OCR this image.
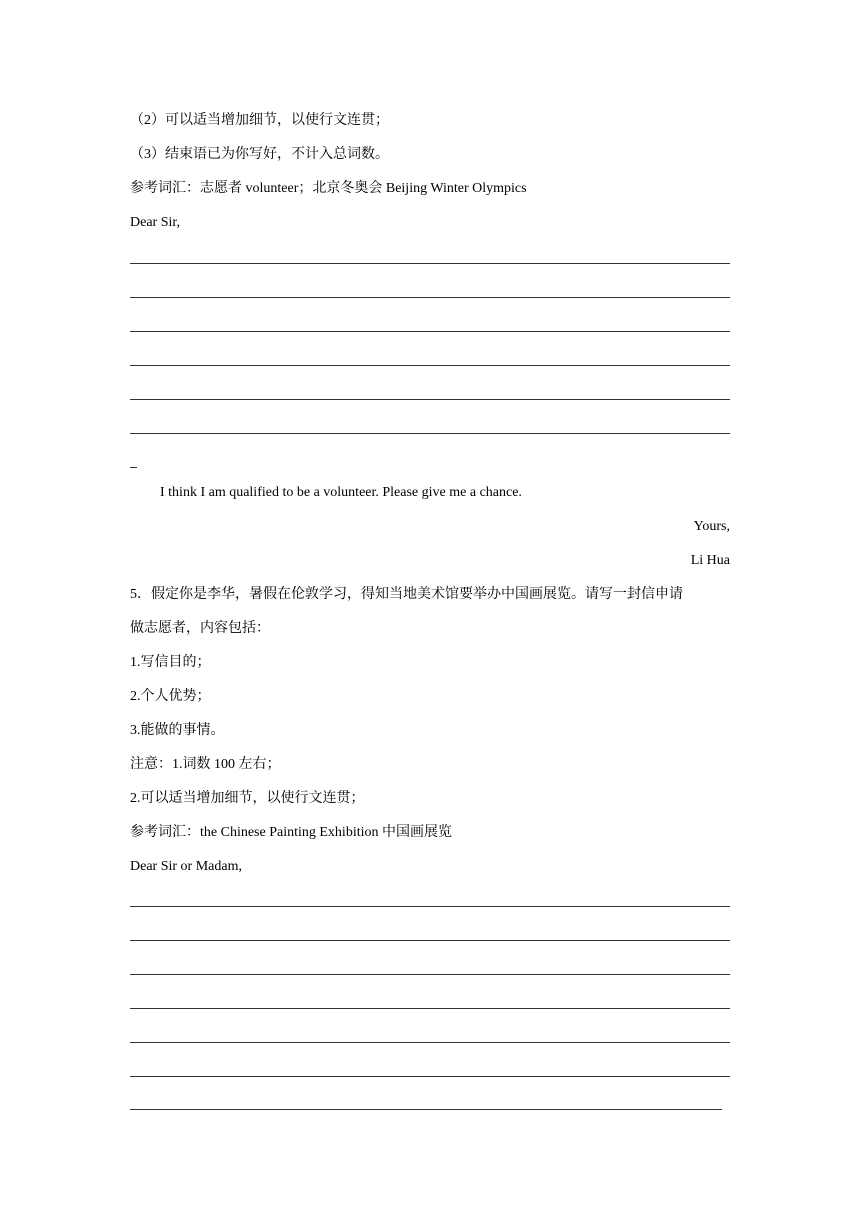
（2）可以适当增加细节，以使行文连贯；
（3）结束语已为你写好，不计入总词数。
参考词汇：志愿者 volunteer；北京冬奥会 Beijing Winter Olympics
Dear Sir,
I think I am qualified to be a volunteer. Please give me a chance.
Yours,
Li Hua
5．假定你是李华，暑假在伦敦学习，得知当地美术馆要举办中国画展览。请写一封信申请
做志愿者，内容包括：
1.写信目的；
2.个人优势；
3.能做的事情。
注意：1.词数 100 左右；
2.可以适当增加细节，以使行文连贯；
参考词汇：the Chinese Painting Exhibition 中国画展览
Dear Sir or Madam,
